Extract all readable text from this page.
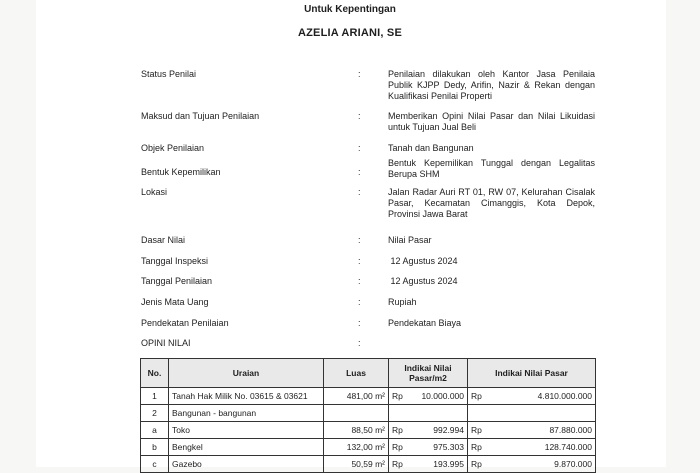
Untuk Kepentingan
AZELIA ARIANI, SE
Status Penilai	:	Penilaian dilakukan oleh Kantor Jasa Penilaia Publik KJPP Dedy, Arifin, Nazir & Rekan dengan Kualifikasi Penilai Properti
Maksud dan Tujuan Penilaian	:	Memberikan Opini Nilai Pasar dan Nilai Likuidasi untuk Tujuan Jual Beli
Objek Penilaian	:	Tanah dan Bangunan
Bentuk Kepemilikan	:
Bentuk Kepemilikan Tunggal dengan Legalitas Berupa SHM
Lokasi	:	Jalan Radar Auri RT 01, RW 07, Kelurahan Cisalak Pasar, Kecamatan Cimanggis, Kota Depok, Provinsi Jawa Barat
Dasar Nilai	:	Nilai Pasar
Tanggal Inspeksi	:	12 Agustus 2024
Tanggal Penilaian	:	12 Agustus 2024
Jenis Mata Uang	:	Rupiah
Pendekatan Penilaian	:	Pendekatan Biaya
OPINI NILAI	:
No.	Uraian	Luas	Indikai Nilai Pasar/m2	Indikai Nilai Pasar
1	Tanah Hak Milik No. 03615 & 03621	481,00 m²	Rp 10.000.000	Rp 4.810.000.000

2	Bangunan - bangunan		

a	Toko	88,50 m²	Rp 992.994	Rp 87.880.000

b	Bengkel	132,00 m²	Rp 975.303	Rp 128.740.000

c	Gazebo	50,59 m²	Rp 193.995	Rp 9.870.000
